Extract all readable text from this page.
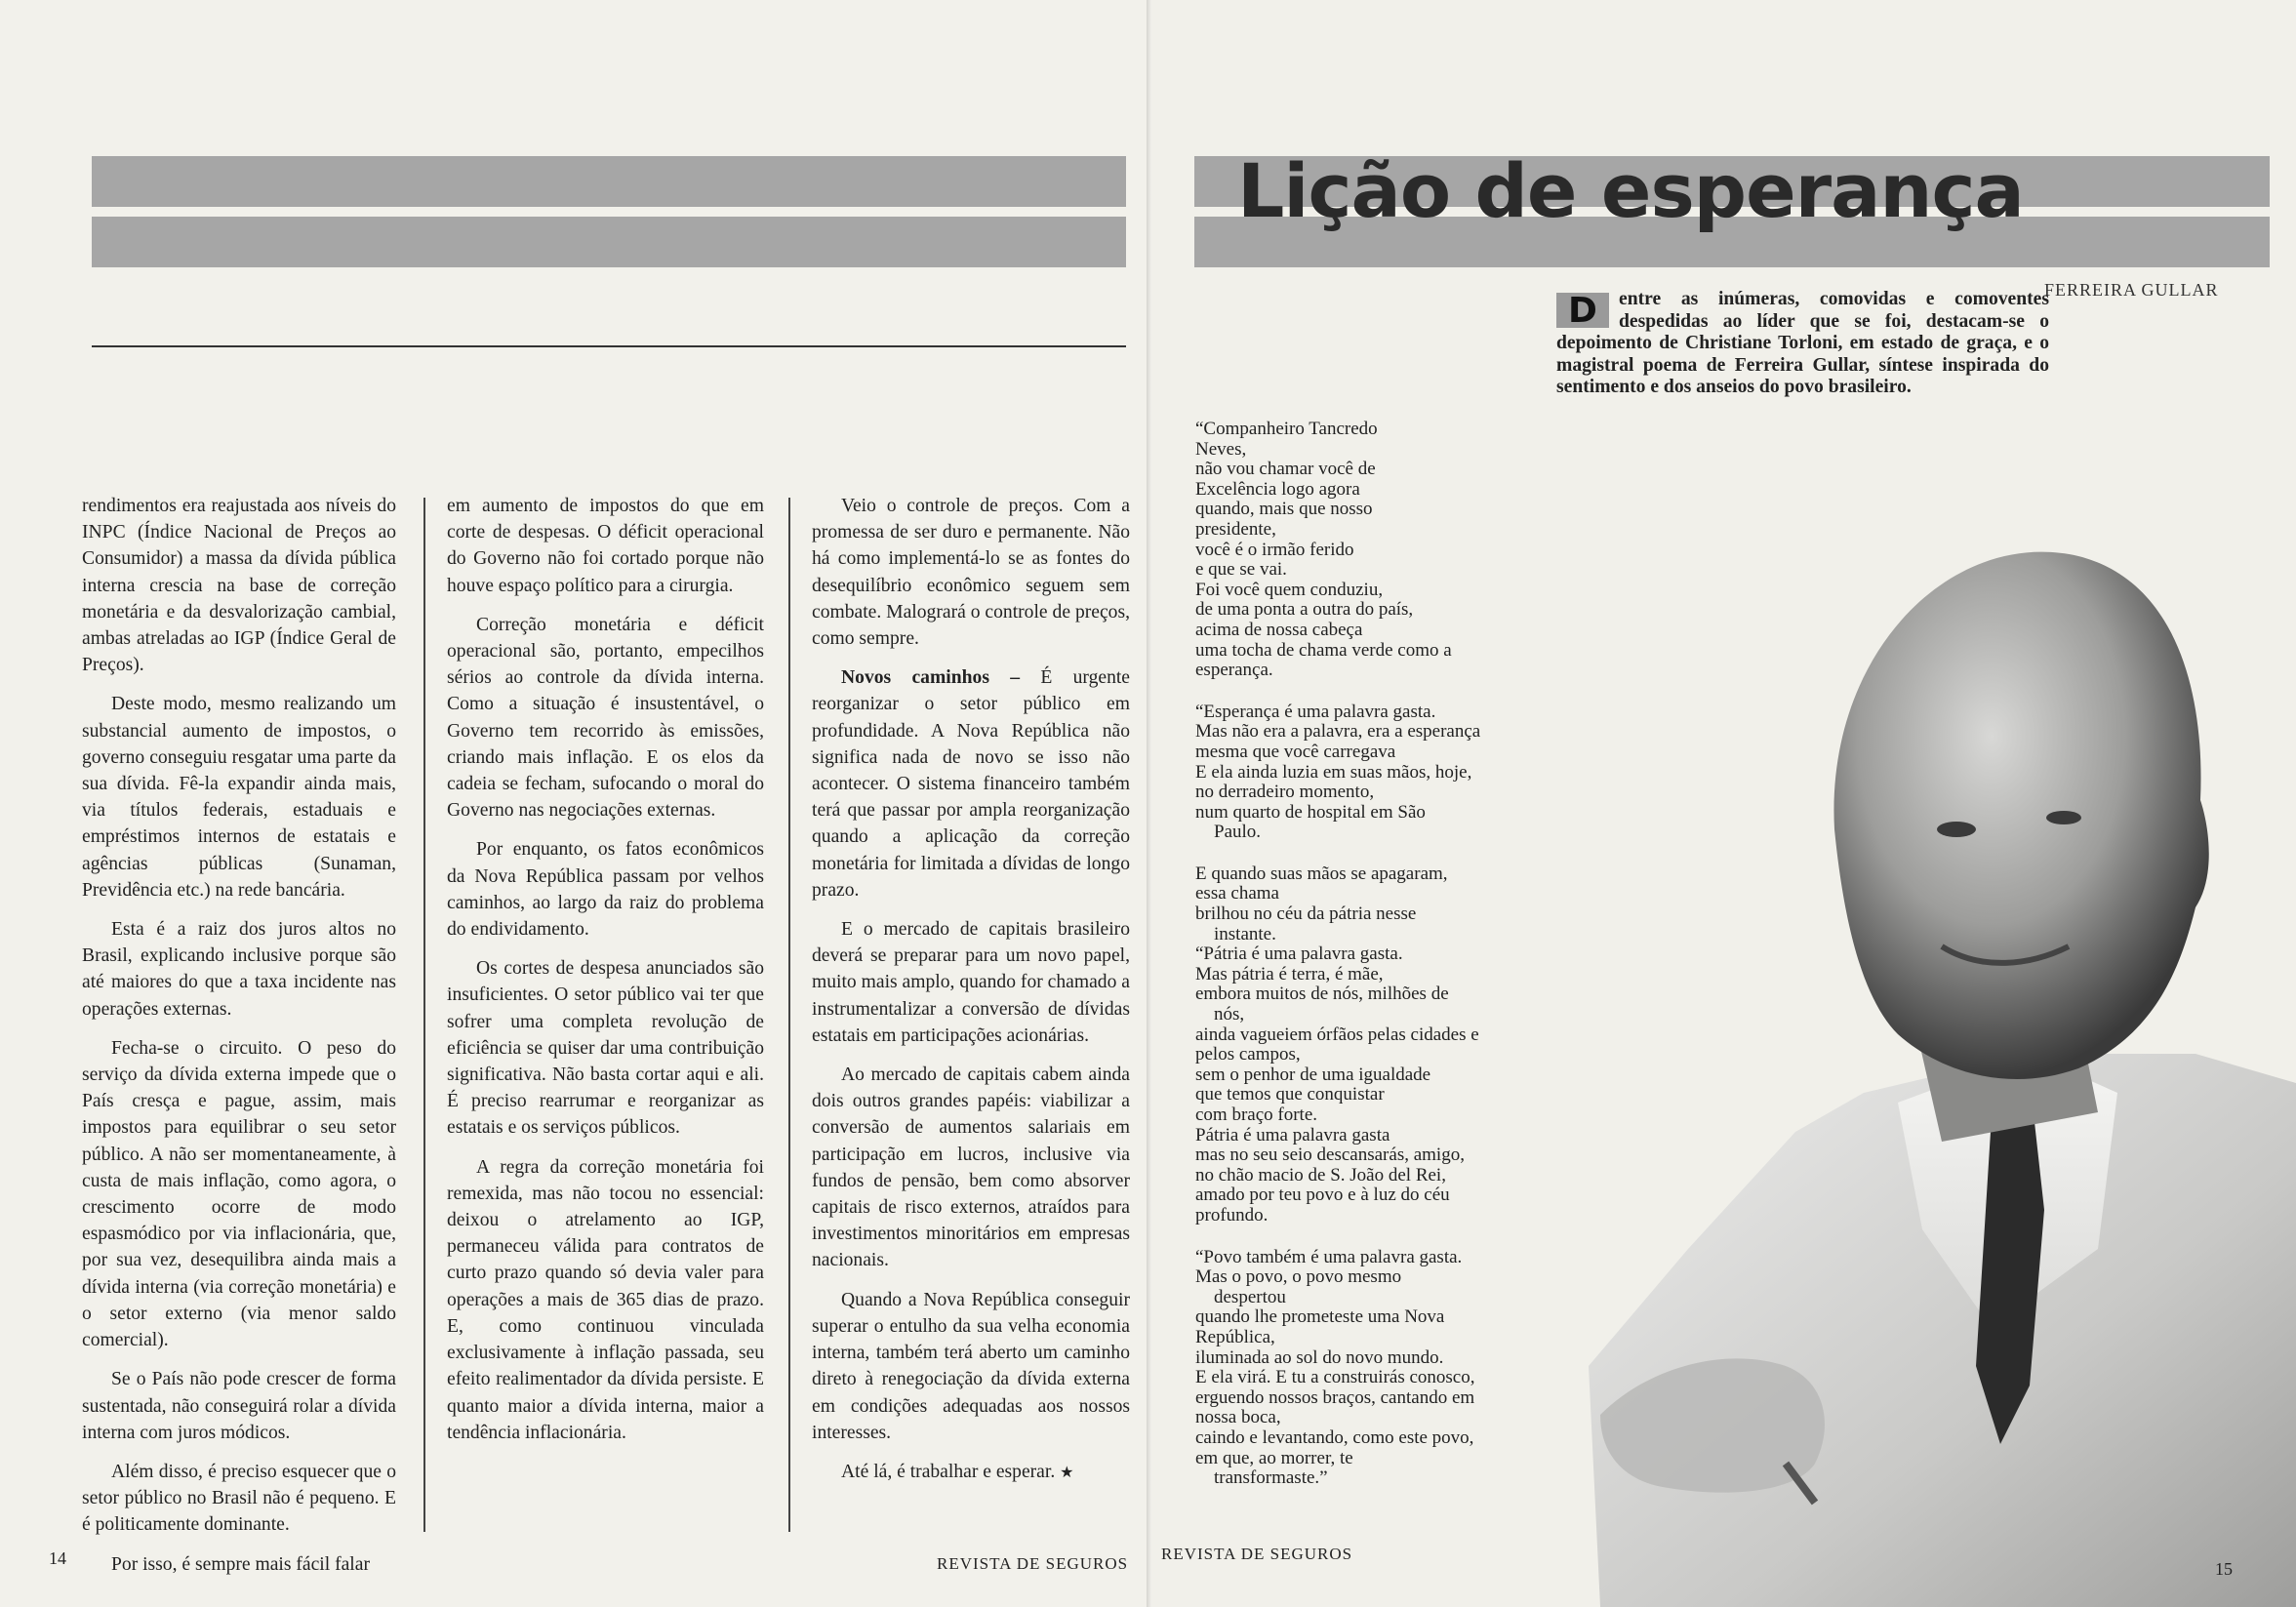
rendimentos era reajustada aos níveis do INPC (Índice Nacional de Preços ao Consumidor) a massa da dívida pública interna crescia na base de correção monetária e da desvalorização cambial, ambas atreladas ao IGP (Índice Geral de Preços).

Deste modo, mesmo realizando um substancial aumento de impostos, o governo conseguiu resgatar uma parte da sua dívida. Fê-la expandir ainda mais, via títulos federais, estaduais e empréstimos internos de estatais e agências públicas (Sunaman, Previdência etc.) na rede bancária.

Esta é a raiz dos juros altos no Brasil, explicando inclusive porque são até maiores do que a taxa incidente nas operações externas.

Fecha-se o circuito. O peso do serviço da dívida externa impede que o País cresça e pague, assim, mais impostos para equilibrar o seu setor público. A não ser momentaneamente, à custa de mais inflação, como agora, o crescimento ocorre de modo espasmódico por via inflacionária, que, por sua vez, desequilibra ainda mais a dívida interna (via correção monetária) e o setor externo (via menor saldo comercial).

Se o País não pode crescer de forma sustentada, não conseguirá rolar a dívida interna com juros módicos.

Além disso, é preciso esquecer que o setor público no Brasil não é pequeno. E é politicamente dominante.

Por isso, é sempre mais fácil falar

em aumento de impostos do que em corte de despesas. O déficit operacional do Governo não foi cortado porque não houve espaço político para a cirurgia.

Correção monetária e déficit operacional são, portanto, empecilhos sérios ao controle da dívida interna. Como a situação é insustentável, o Governo tem recorrido às emissões, criando mais inflação. E os elos da cadeia se fecham, sufocando o moral do Governo nas negociações externas.

Por enquanto, os fatos econômicos da Nova República passam por velhos caminhos, ao largo da raiz do problema do endividamento.

Os cortes de despesa anunciados são insuficientes. O setor público vai ter que sofrer uma completa revolução de eficiência se quiser dar uma contribuição significativa. Não basta cortar aqui e ali. É preciso rearrumar e reorganizar as estatais e os serviços públicos.

A regra da correção monetária foi remexida, mas não tocou no essencial: deixou o atrelamento ao IGP, permaneceu válida para contratos de curto prazo quando só devia valer para operações a mais de 365 dias de prazo. E, como continuou vinculada exclusivamente à inflação passada, seu efeito realimentador da dívida persiste. E quanto maior a dívida interna, maior a tendência inflacionária.

Veio o controle de preços. Com a promessa de ser duro e permanente. Não há como implementá-lo se as fontes do desequilíbrio econômico seguem sem combate. Malogrará o controle de preços, como sempre.

Novos caminhos – É urgente reorganizar o setor público em profundidade. A Nova República não significa nada de novo se isso não acontecer. O sistema financeiro também terá que passar por ampla reorganização quando a aplicação da correção monetária for limitada a dívidas de longo prazo.

E o mercado de capitais brasileiro deverá se preparar para um novo papel, muito mais amplo, quando for chamado a instrumentalizar a conversão de dívidas estatais em participações acionárias.

Ao mercado de capitais cabem ainda dois outros grandes papéis: viabilizar a conversão de aumentos salariais em participação em lucros, inclusive via fundos de pensão, bem como absorver capitais de risco externos, atraídos para investimentos minoritários em empresas nacionais.

Quando a Nova República conseguir superar o entulho da sua velha economia interna, também terá aberto um caminho direto à renegociação da dívida externa em condições adequadas aos nossos interesses.

Até lá, é trabalhar e esperar. ★

14	REVISTA DE SEGUROS
Lição de esperança
FERREIRA GULLAR

D	entre as inúmeras, comovidas e comoventes despedidas ao líder que se foi, destacam-se o depoimento de Christiane Torloni, em estado de graça, e o magistral poema de Ferreira Gullar, síntese inspirada do sentimento e dos anseios do povo brasileiro.

“Companheiro Tancredo
Neves,
não vou chamar você de
Excelência logo agora
quando, mais que nosso
presidente,
você é o irmão ferido
e que se vai.
Foi você quem conduziu,
de uma ponta a outra do país,
acima de nossa cabeça
uma tocha de chama verde como a
esperança.
“Esperança é uma palavra gasta.
Mas não era a palavra, era a esperança
mesma que você carregava
E ela ainda luzia em suas mãos, hoje,
no derradeiro momento,
num quarto de hospital em São
Paulo.
E quando suas mãos se apagaram,
essa chama
brilhou no céu da pátria nesse
instante.
“Pátria é uma palavra gasta.
Mas pátria é terra, é mãe,
embora muitos de nós, milhões de
nós,
ainda vagueiem órfãos pelas cidades e
pelos campos,
sem o penhor de uma igualdade
que temos que conquistar
com braço forte.
Pátria é uma palavra gasta
mas no seu seio descansarás, amigo,
no chão macio de S. João del Rei,
amado por teu povo e à luz do céu
profundo.
“Povo também é uma palavra gasta.
Mas o povo, o povo mesmo
despertou
quando lhe prometeste uma Nova
República,
iluminada ao sol do novo mundo.
E ela virá. E tu a construirás conosco,
erguendo nossos braços, cantando em
nossa boca,
caindo e levantando, como este povo,
em que, ao morrer, te
transformaste.”
REVISTA DE SEGUROS
15
